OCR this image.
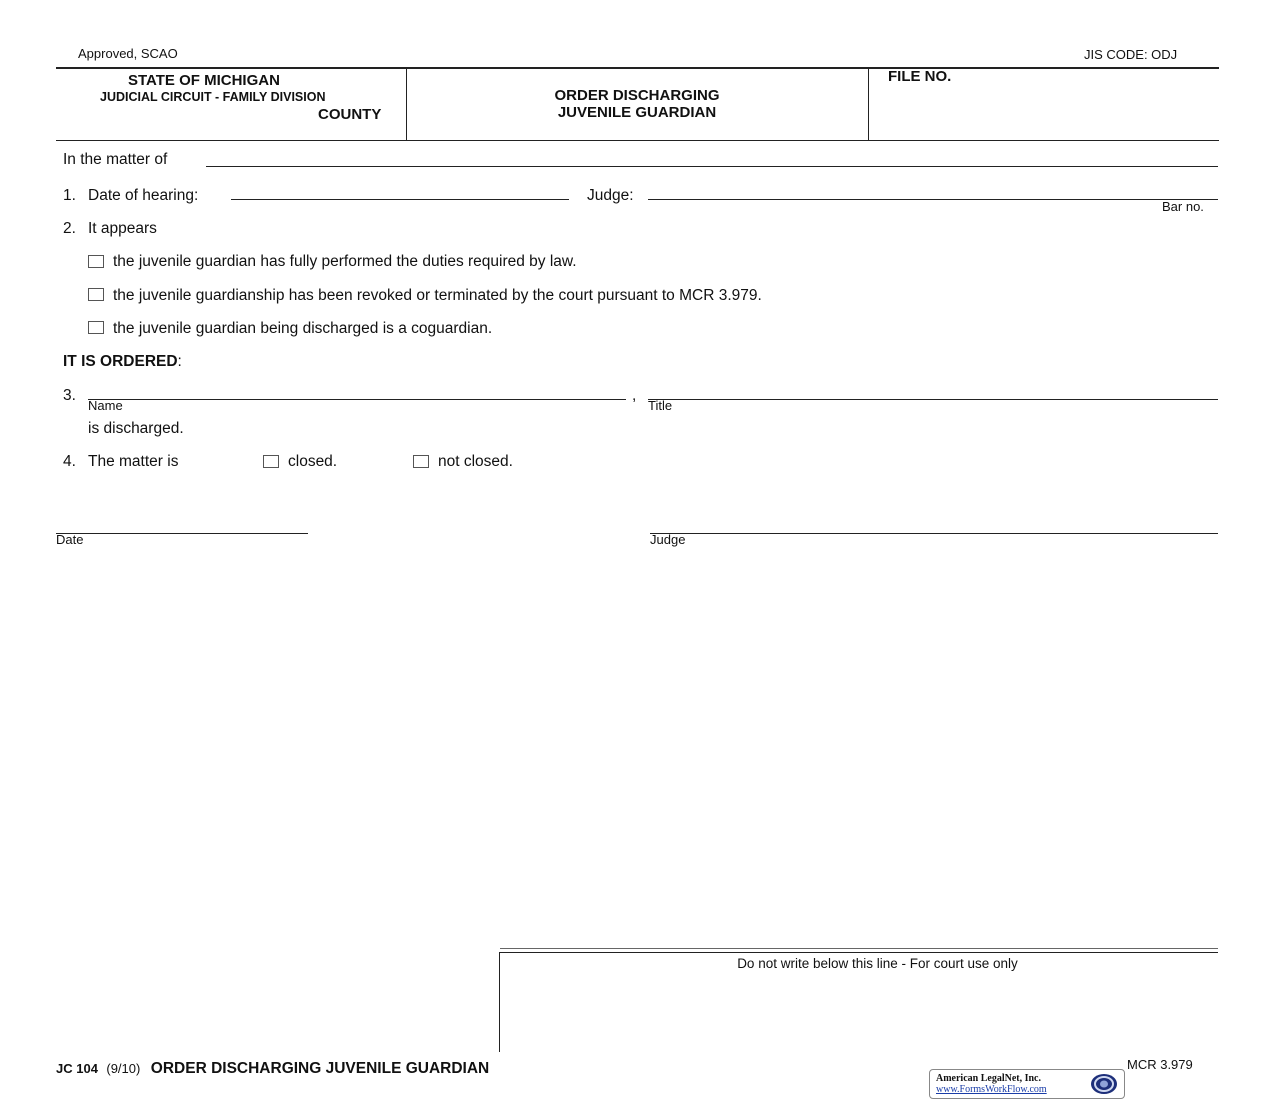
Approved, SCAO	JIS CODE: ODJ
STATE OF MICHIGAN
JUDICIAL CIRCUIT - FAMILY DIVISION
COUNTY
ORDER DISCHARGING
JUVENILE GUARDIAN
FILE NO.
In the matter of
1. Date of hearing:	Judge:
Bar no.
2. It appears
the juvenile guardian has fully performed the duties required by law.
the juvenile guardianship has been revoked or terminated by the court pursuant to MCR 3.979.
the juvenile guardian being discharged is a coguardian.
IT IS ORDERED:
3.
Name
,
Title
is discharged.
4. The matter is	closed.	not closed.
Date	Judge
Do not write below this line - For court use only
JC 104 (9/10) ORDER DISCHARGING JUVENILE GUARDIAN	MCR 3.979
American LegalNet, Inc.
www.FormsWorkFlow.com
